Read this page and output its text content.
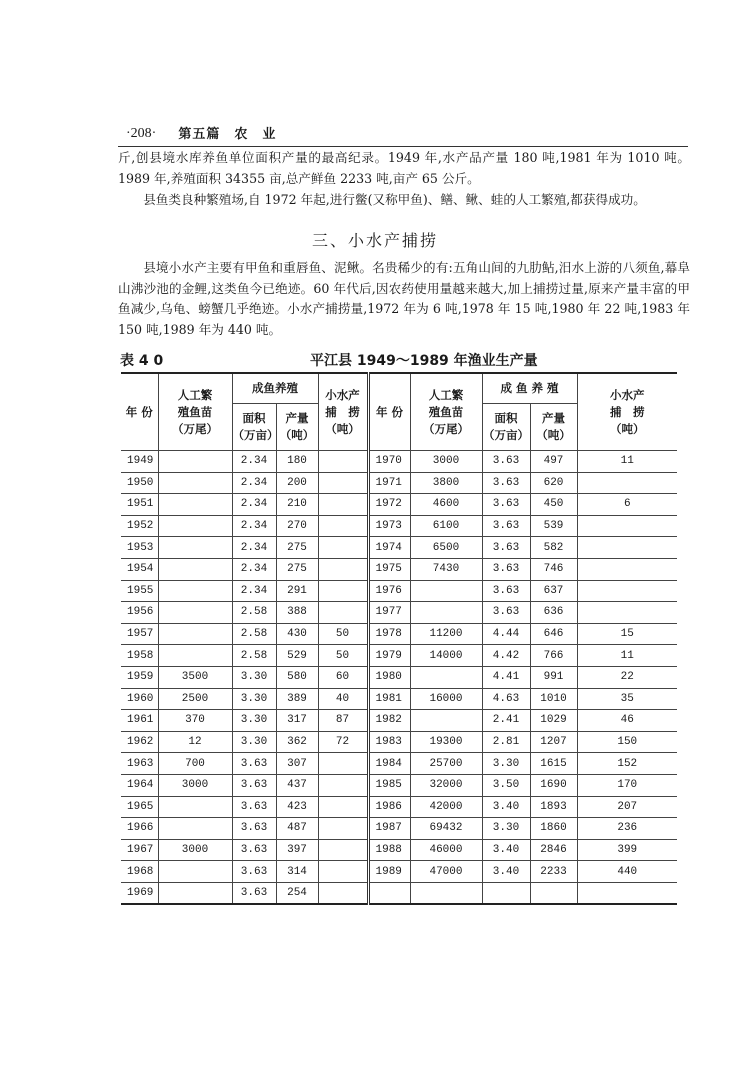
·208· 第五篇　农　业
斤,创县境水库养鱼单位面积产量的最高纪录。1949 年,水产品产量 180 吨,1981 年为 1010 吨。1989 年,养殖面积 34355 亩,总产鲜鱼 2233 吨,亩产 65 公斤。
县鱼类良种繁殖场,自 1972 年起,进行鳖(又称甲鱼)、鳝、鳅、蛙的人工繁殖,都获得成功。
三、小水产捕捞
县境小水产主要有甲鱼和重唇鱼、泥鳅。名贵稀少的有:五角山间的九肋鲇,汨水上游的八须鱼,幕阜山沸沙池的金鲤,这类鱼今已绝迹。60 年代后,因农药使用量越来越大,加上捕捞过量,原来产量丰富的甲鱼减少,乌龟、螃蟹几乎绝迹。小水产捕捞量,1972 年为 6 吨,1978 年 15 吨,1980 年 22 吨,1983 年 150 吨,1989 年为 440 吨。
表 4 0	平江县 1949～1989 年渔业生产量
年 份	人工繁
殖鱼苗
（万尾）	成鱼养殖		小水产
捕　捞
（吨）	年 份	人工繁
殖鱼苗
（万尾）	成 鱼 养 殖		小水产
捕　捞
（吨）
		面积
（万亩）	产量
（吨）				面积
（万亩）	产量
（吨）	
1949		2.34	180		1970	3000	3.63	497	11
1950		2.34	200		1971	3800	3.63	620	
1951		2.34	210		1972	4600	3.63	450	6
1952		2.34	270		1973	6100	3.63	539	
1953		2.34	275		1974	6500	3.63	582	
1954		2.34	275		1975	7430	3.63	746	
1955		2.34	291		1976		3.63	637	
1956		2.58	388		1977		3.63	636	
1957		2.58	430	50	1978	11200	4.44	646	15
1958		2.58	529	50	1979	14000	4.42	766	11
1959	3500	3.30	580	60	1980		4.41	991	22
1960	2500	3.30	389	40	1981	16000	4.63	1010	35
1961	370	3.30	317	87	1982		2.41	1029	46
1962	12	3.30	362	72	1983	19300	2.81	1207	150
1963	700	3.63	307		1984	25700	3.30	1615	152
1964	3000	3.63	437		1985	32000	3.50	1690	170
1965		3.63	423		1986	42000	3.40	1893	207
1966		3.63	487		1987	69432	3.30	1860	236
1967	3000	3.63	397		1988	46000	3.40	2846	399
1968		3.63	314		1989	47000	3.40	2233	440
1969		3.63	254						
